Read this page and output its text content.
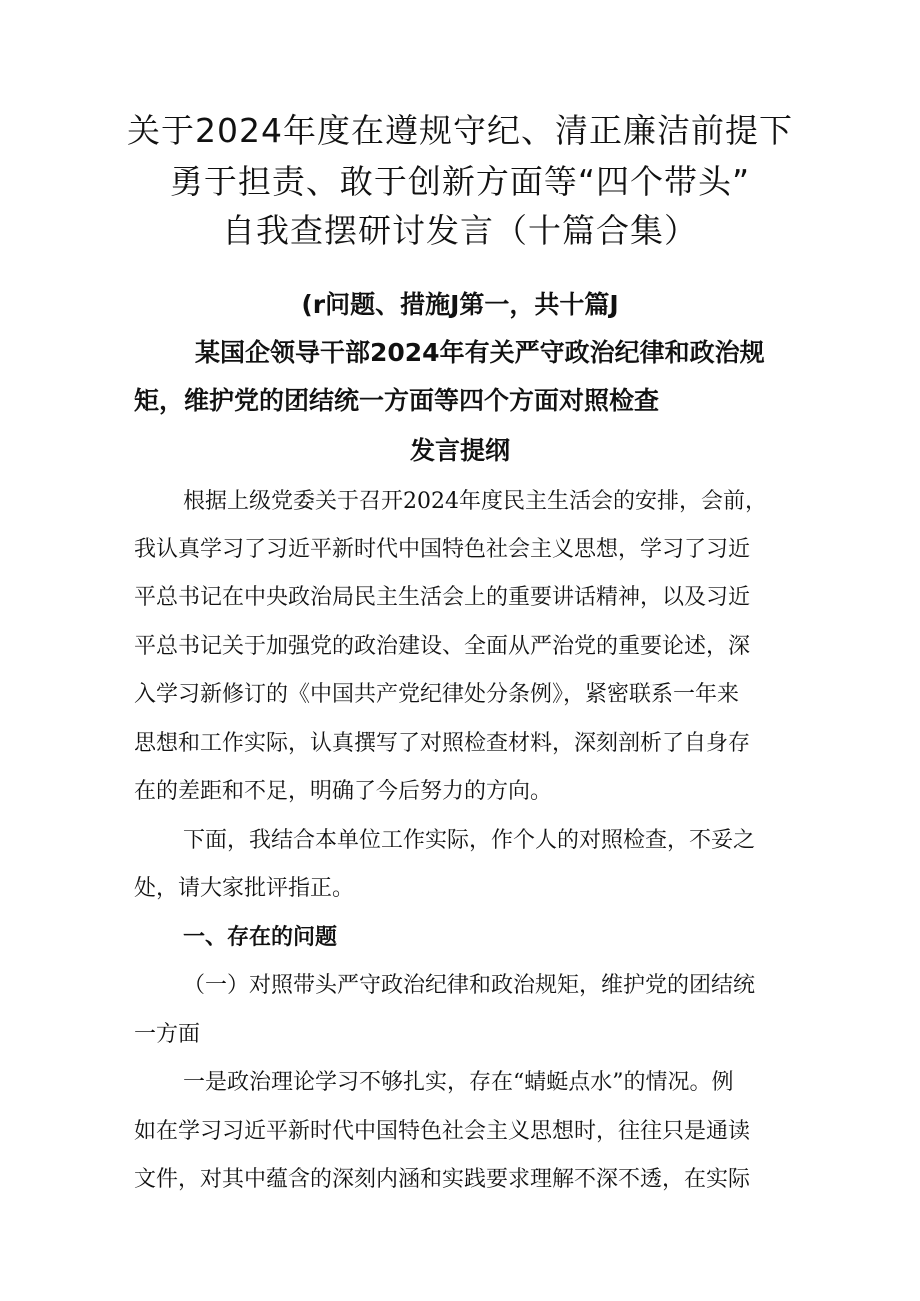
关于2024年度在遵规守纪、清正廉洁前提下
勇于担责、敢于创新方面等“四个带头”
自我查摆研讨发言（十篇合集）

(r问题、措施J第一，共十篇J

某国企领导干部2024年有关严守政治纪律和政治规

矩，维护党的团结统一方面等四个方面对照检查

发言提纲

根据上级党委关于召开2024年度民主生活会的安排，会前，

我认真学习了习近平新时代中国特色社会主义思想，学习了习近

平总书记在中央政治局民主生活会上的重要讲话精神，以及习近

平总书记关于加强党的政治建设、全面从严治党的重要论述，深

入学习新修订的《中国共产党纪律处分条例》，紧密联系一年来

思想和工作实际，认真撰写了对照检查材料，深刻剖析了自身存

在的差距和不足，明确了今后努力的方向。

下面，我结合本单位工作实际，作个人的对照检查，不妥之

处，请大家批评指正。

一、存在的问题

（一）对照带头严守政治纪律和政治规矩，维护党的团结统

一方面

一是政治理论学习不够扎实，存在“蜻蜓点水”的情况。例

如在学习习近平新时代中国特色社会主义思想时，往往只是通读

文件，对其中蕴含的深刻内涵和实践要求理解不深不透，在实际
